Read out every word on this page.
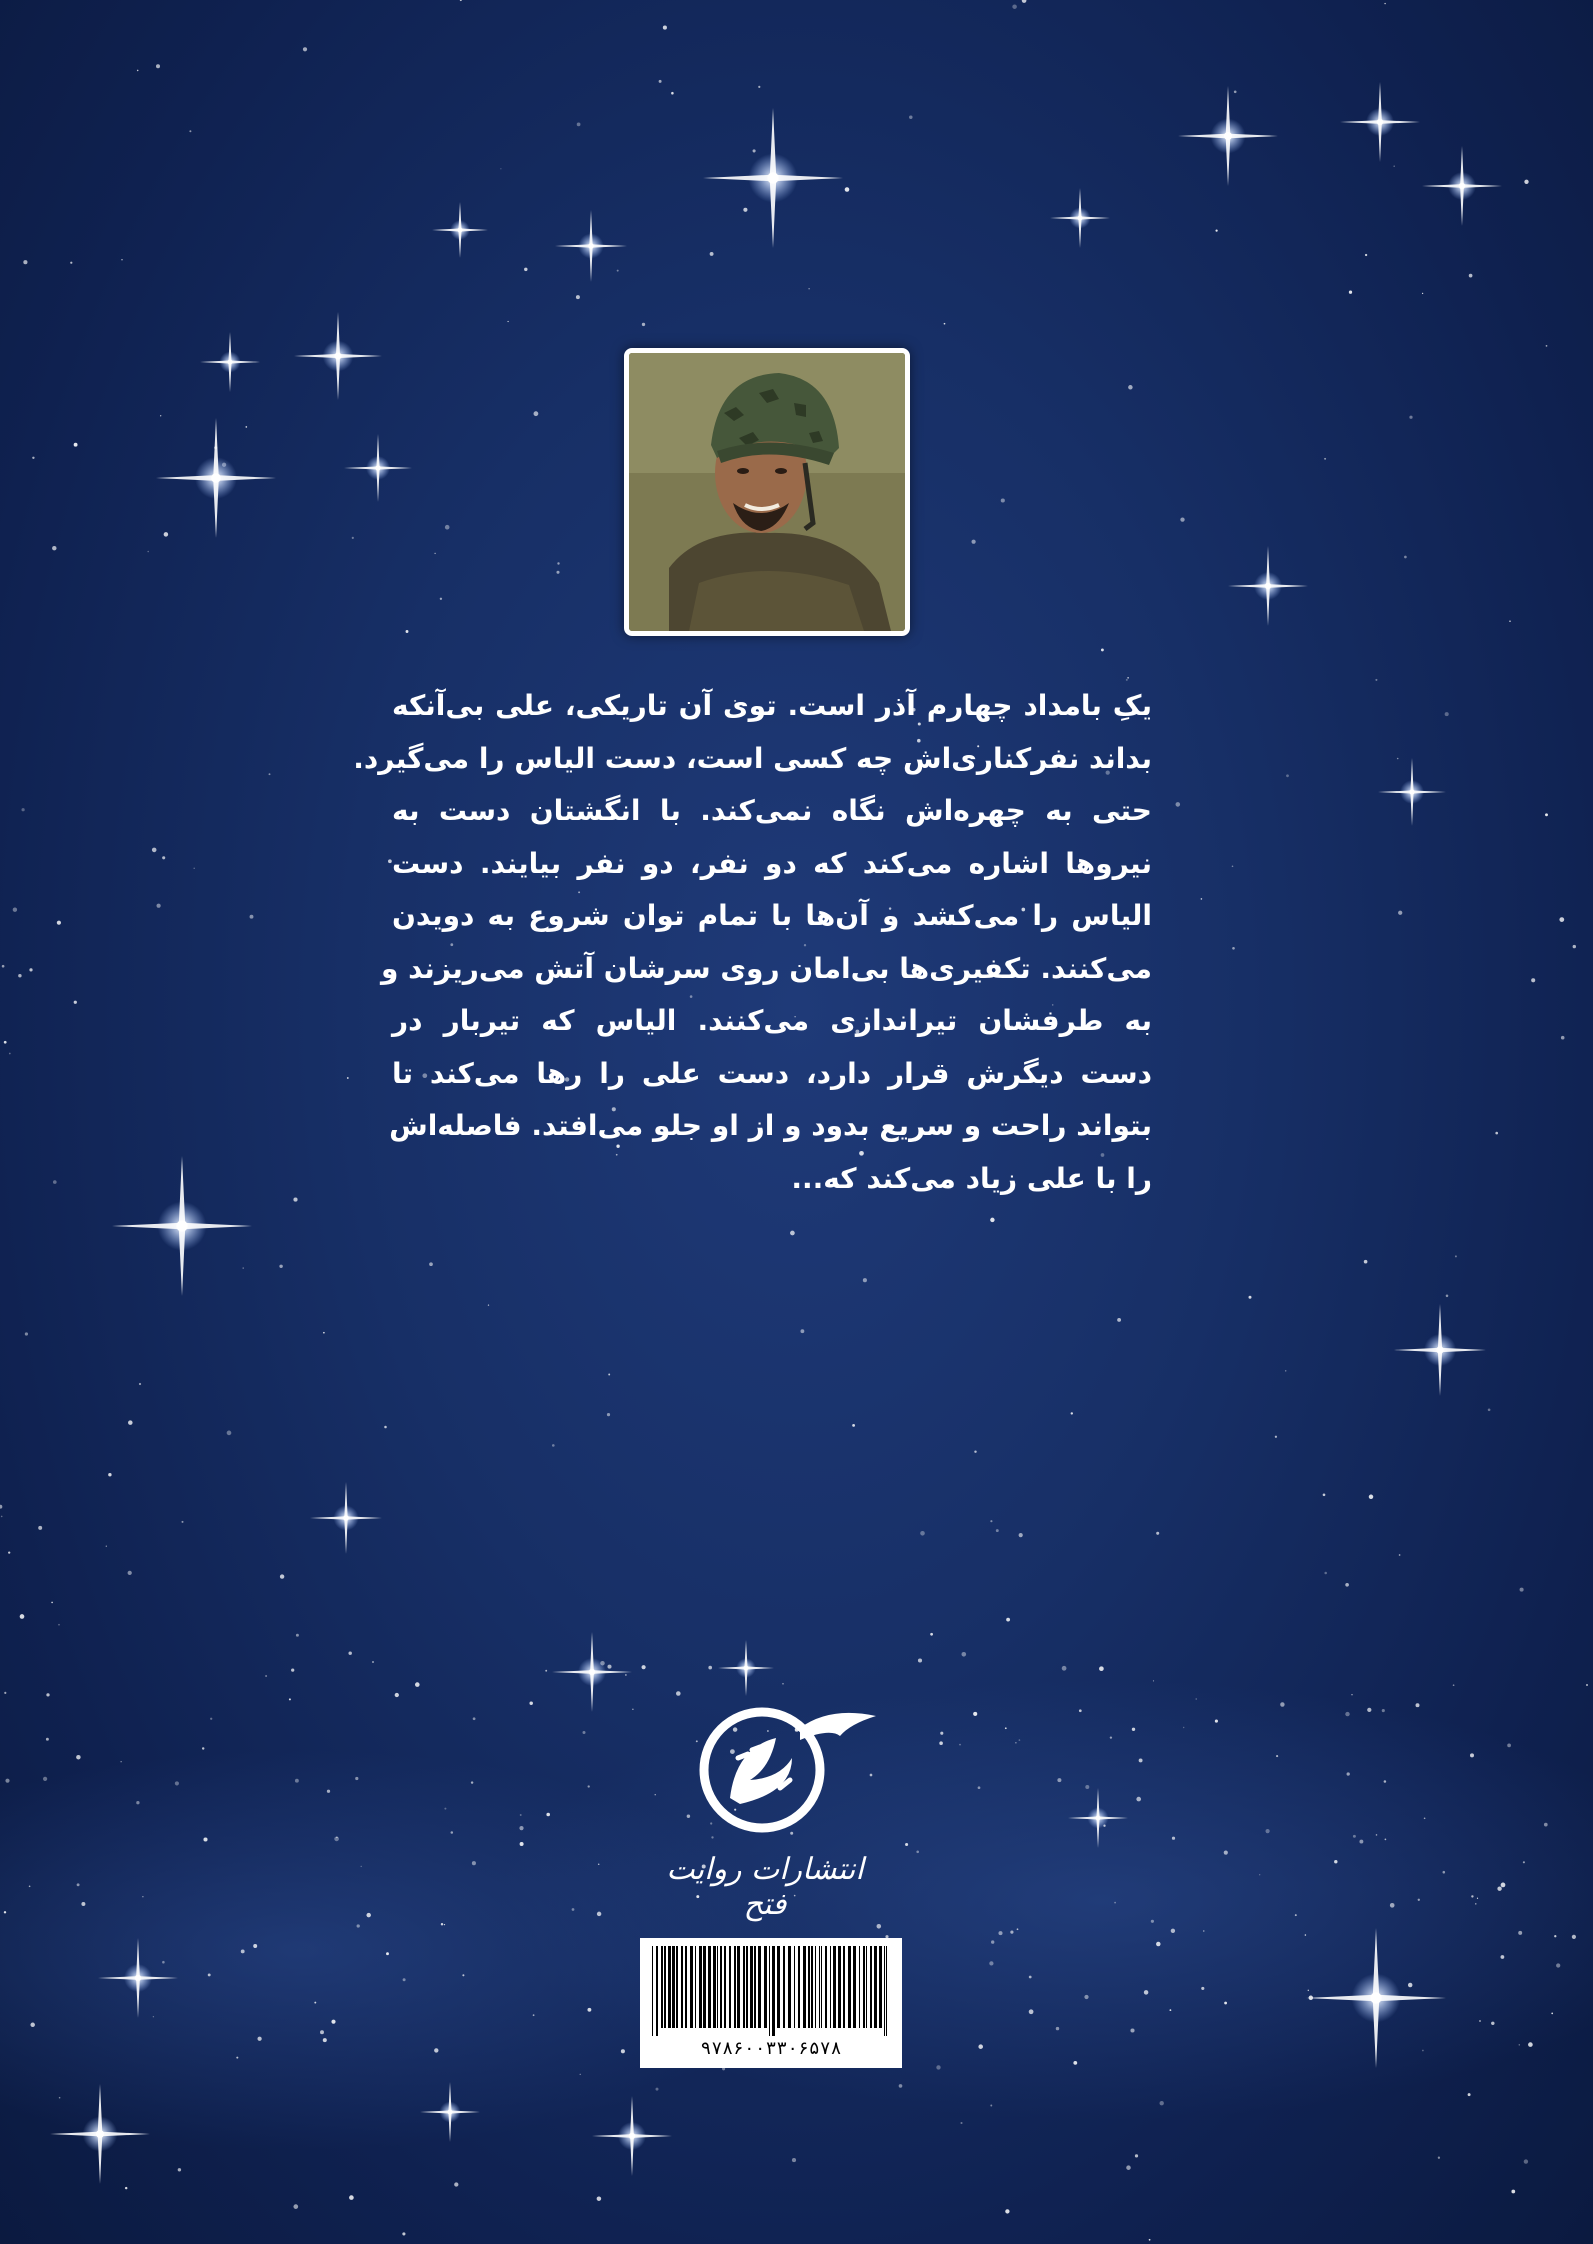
یکِ بامداد چهارم آذر است. توی آن تاریکی، علی بی‌آنکه
بداند نفرکناری‌اش چه کسی است، دست الیاس را می‌گیرد.
حتی به چهره‌اش نگاه نمی‌کند. با انگشتان دست به
نیروها اشاره می‌کند که دو نفر، دو نفر بیایند. دست
الیاس را می‌کشد و آن‌ها با تمام توان شروع به دویدن
می‌کنند. تکفیری‌ها بی‌امان روی سرشان آتش می‌ریزند و
به طرفشان تیراندازی می‌کنند. الیاس که تیربار در
دست دیگرش قرار دارد، دست علی را رها می‌کند تا
بتواند راحت و سریع بدود و از او جلو می‌افتد. فاصله‌اش
را با علی زیاد می‌کند که...
انتشارات روایت فتح
۹۷۸۶۰۰۳۳۰۶۵۷۸
